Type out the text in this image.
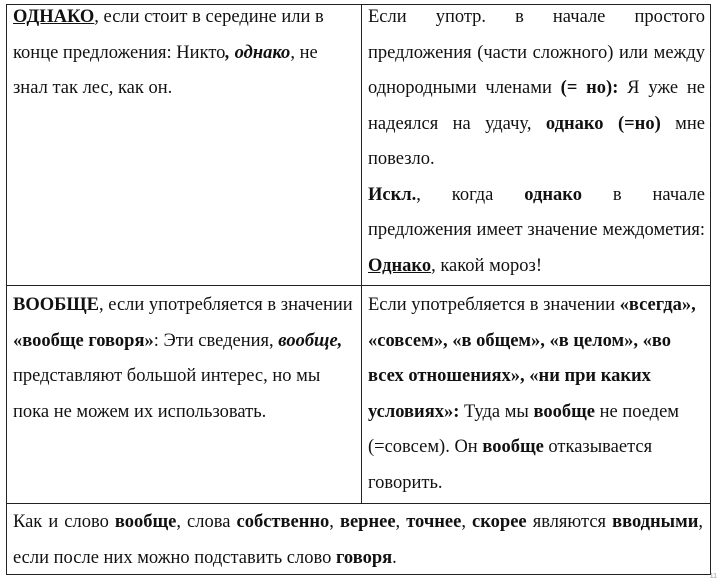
ОДНАКО, если стоит в середине или в конце предложения: Никто, однако, не знал так лес, как он.

Если употр. в начале простого предложения (части сложного) или между однородными членами (= но): Я уже не надеялся на удачу, однако (=но) мне повезло.

Искл., когда однако в начале предложения имеет значение междометия: Однако, какой мороз!

ВООБЩЕ, если употребляется в значении «вообще говоря»: Эти сведения, вообще, представляют большой интерес, но мы пока не можем их использовать.

Если употребляется в значении «всегда», «совсем», «в общем», «в целом», «во всех отношениях», «ни при каких условиях»: Туда мы вообще не поедем (=совсем). Он вообще отказывается говорить.

Как и слово вообще, слова собственно, вернее, точнее, скорее являются вводными, если после них можно подставить слово говоря.

11
